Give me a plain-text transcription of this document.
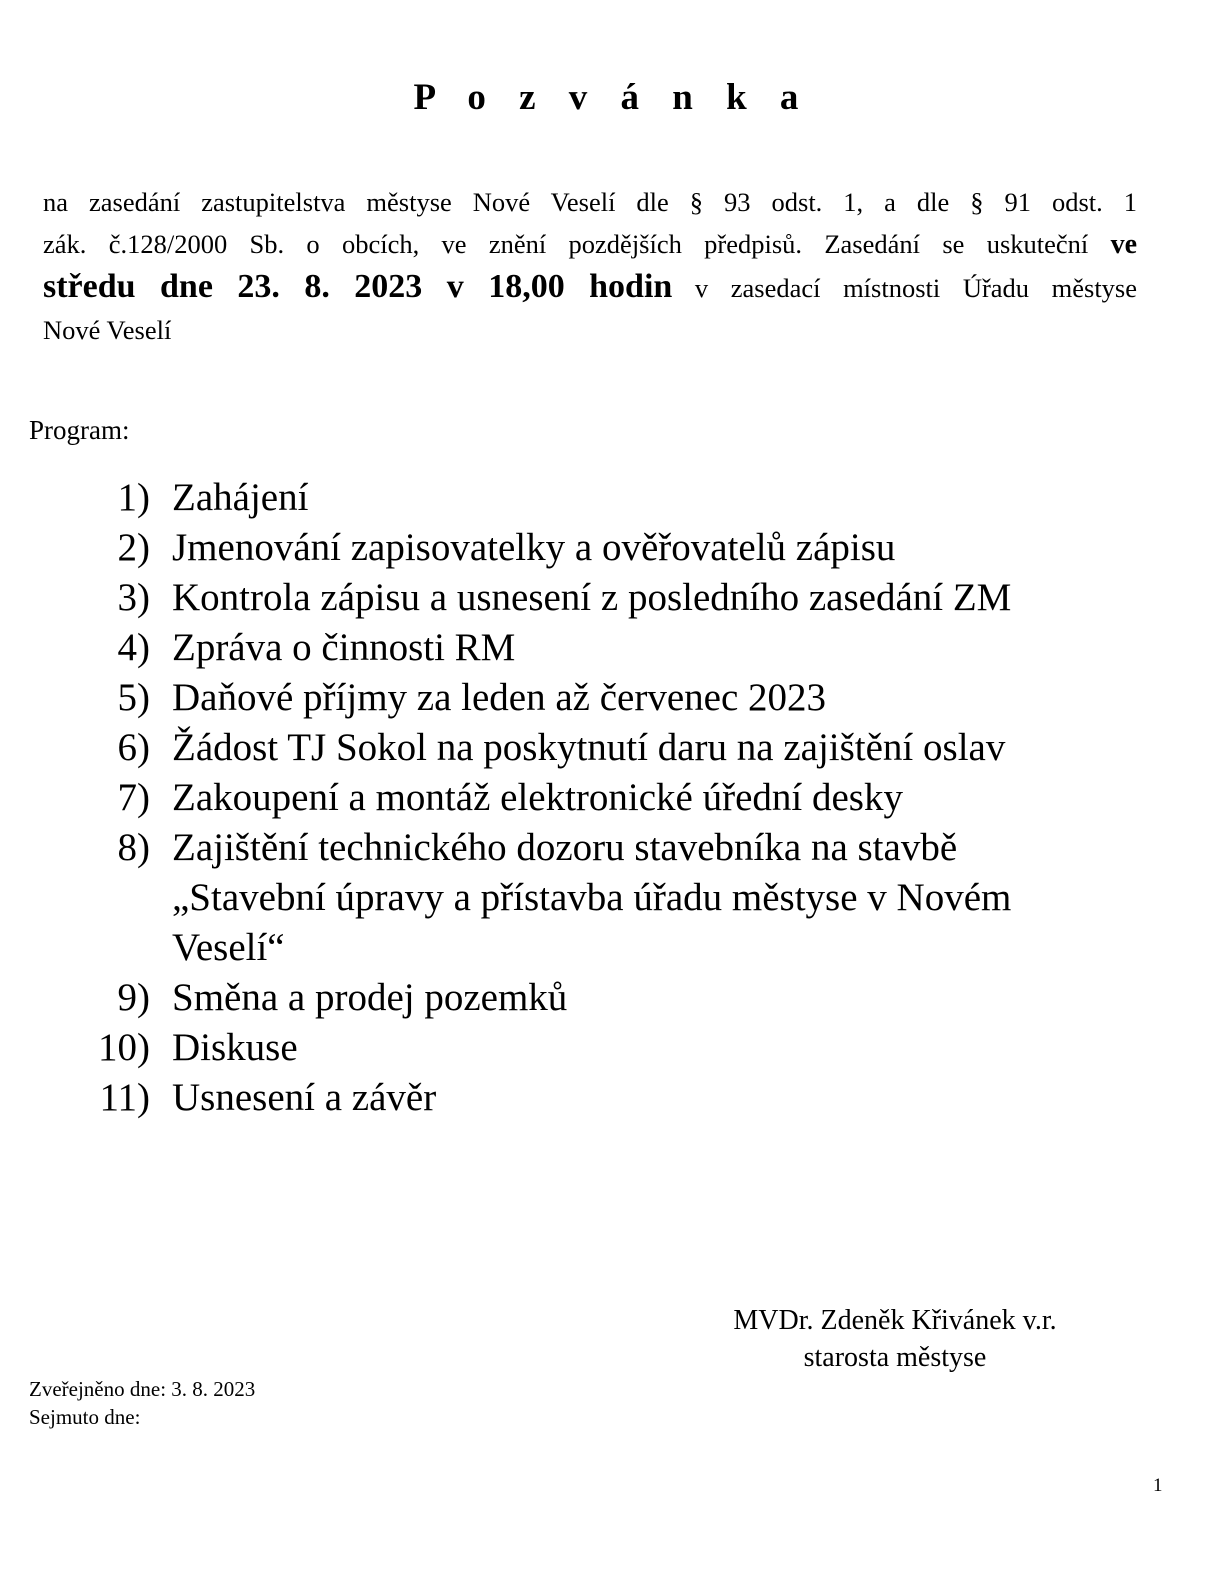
P o z v á n k a
na zasedání zastupitelstva městyse Nové Veselí dle § 93 odst. 1, a dle § 91 odst. 1
zák. č.128/2000 Sb. o obcích, ve znění pozdějších předpisů. Zasedání se uskuteční ve
středu dne 23. 8. 2023 v 18,00 hodin v zasedací místnosti Úřadu městyse
Nové Veselí
Program:
1) Zahájení
2) Jmenování zapisovatelky a ověřovatelů zápisu
3) Kontrola zápisu a usnesení z posledního zasedání ZM
4) Zpráva o činnosti RM
5) Daňové příjmy za leden až červenec 2023
6) Žádost TJ Sokol na poskytnutí daru na zajištění oslav
7) Zakoupení a montáž elektronické úřední desky
8) Zajištění technického dozoru stavebníka na stavbě
„Stavební úpravy a přístavba úřadu městyse v Novém
Veselí“
9) Směna a prodej pozemků
10) Diskuse
11) Usnesení a závěr
MVDr. Zdeněk Křivánek v.r.
starosta městyse
Zveřejněno dne: 3. 8. 2023
Sejmuto dne:
1
